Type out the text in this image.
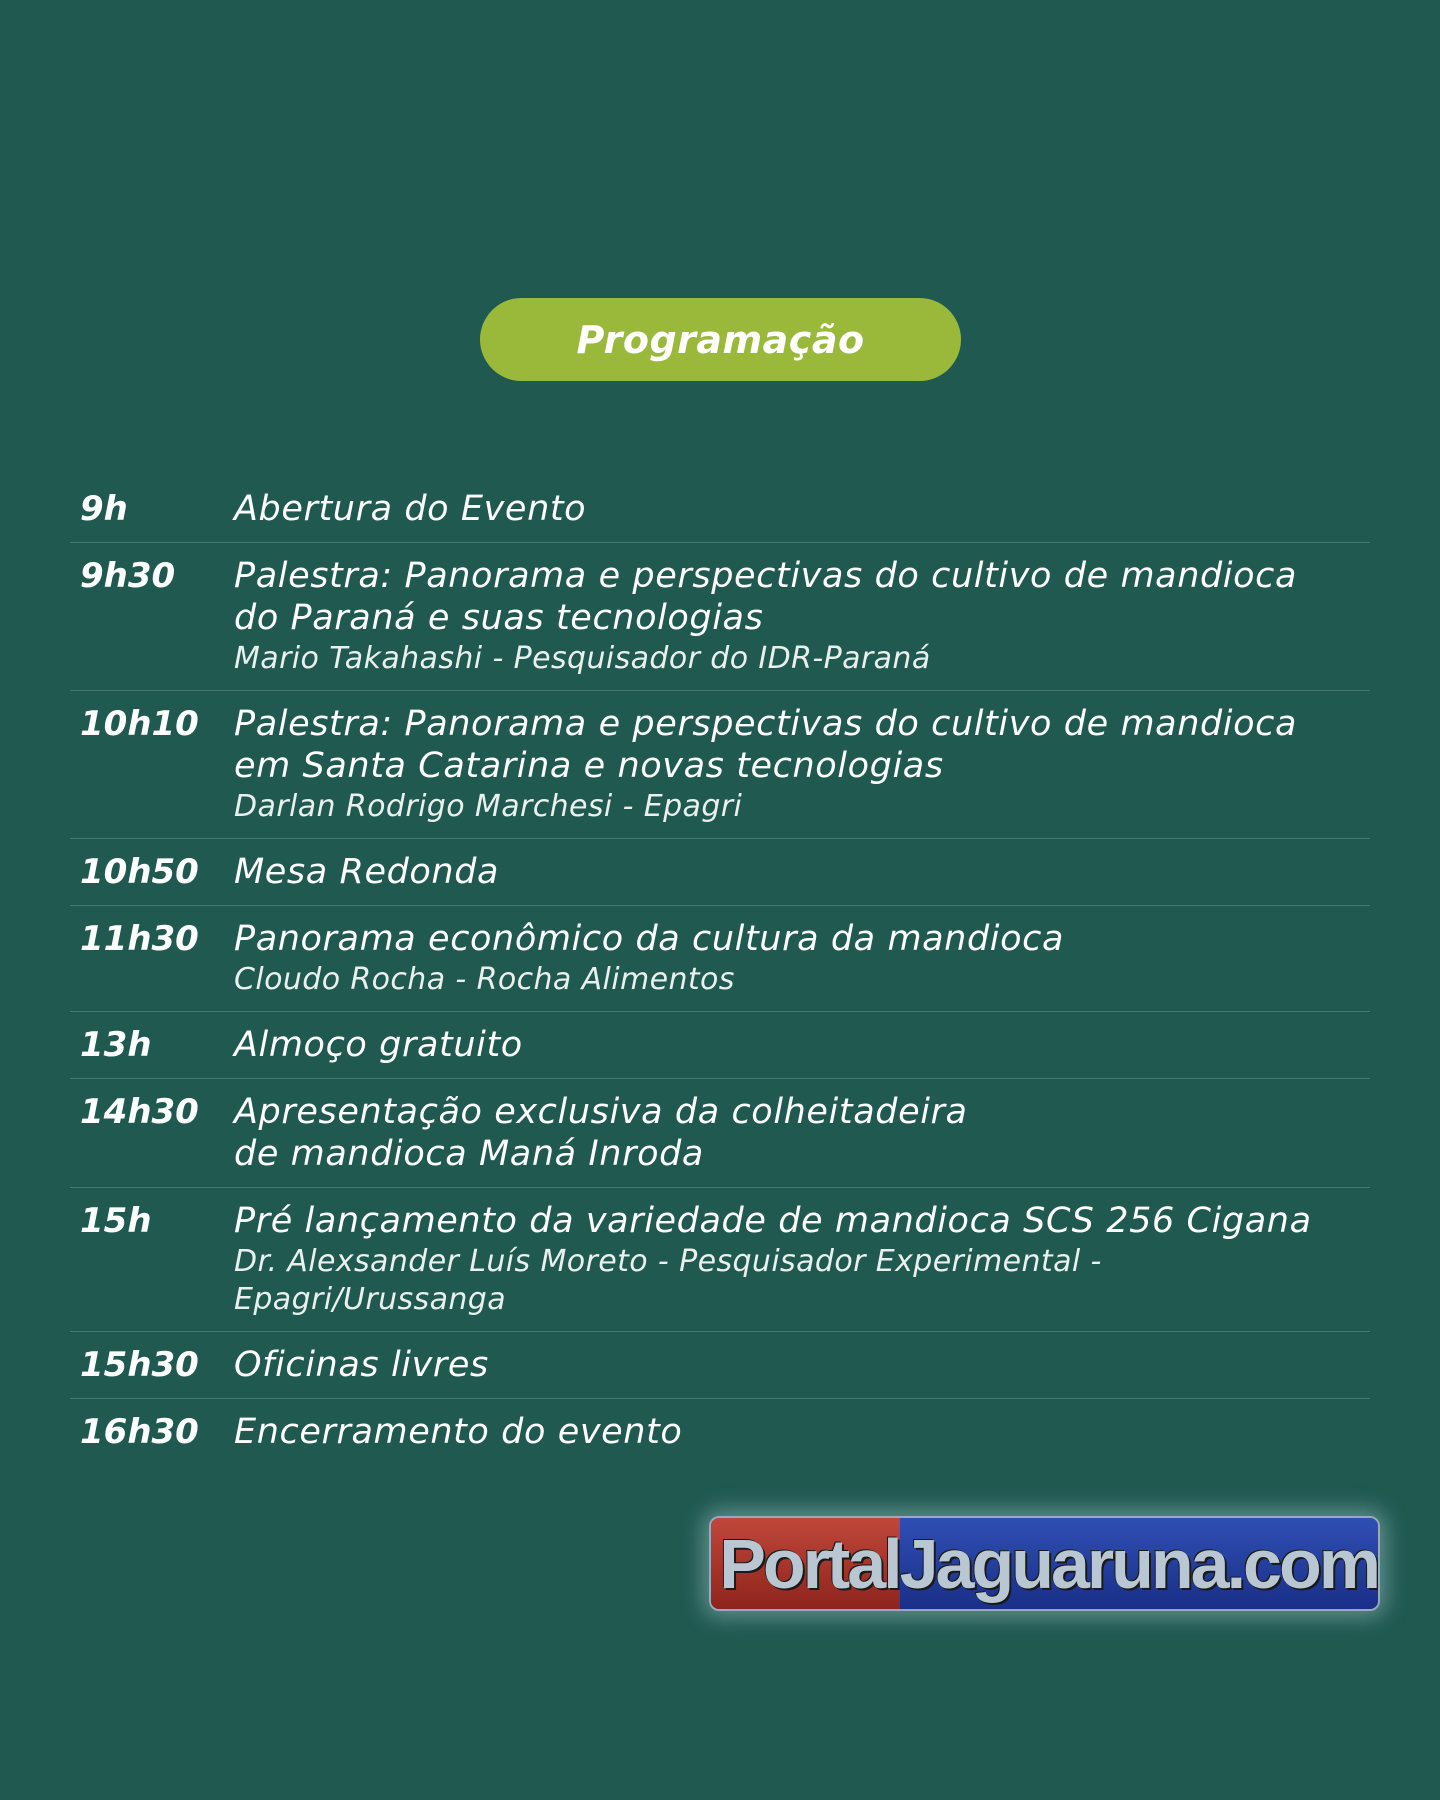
Programação
9h	Abertura do Evento
9h30	Palestra: Panorama e perspectivas do cultivo de mandioca
do Paraná e suas tecnologias
Mario Takahashi - Pesquisador do IDR-Paraná
10h10	Palestra: Panorama e perspectivas do cultivo de mandioca
em Santa Catarina e novas tecnologias
Darlan Rodrigo Marchesi - Epagri
10h50	Mesa Redonda
11h30	Panorama econômico da cultura da mandioca
Cloudo Rocha - Rocha Alimentos
13h	Almoço gratuito
14h30	Apresentação exclusiva da colheitadeira
de mandioca Maná Inroda
15h	Pré lançamento da variedade de mandioca SCS 256 Cigana
Dr. Alexsander Luís Moreto - Pesquisador Experimental - Epagri/Urussanga
15h30	Oficinas livres
16h30	Encerramento do evento
Portal Jaguaruna.com
